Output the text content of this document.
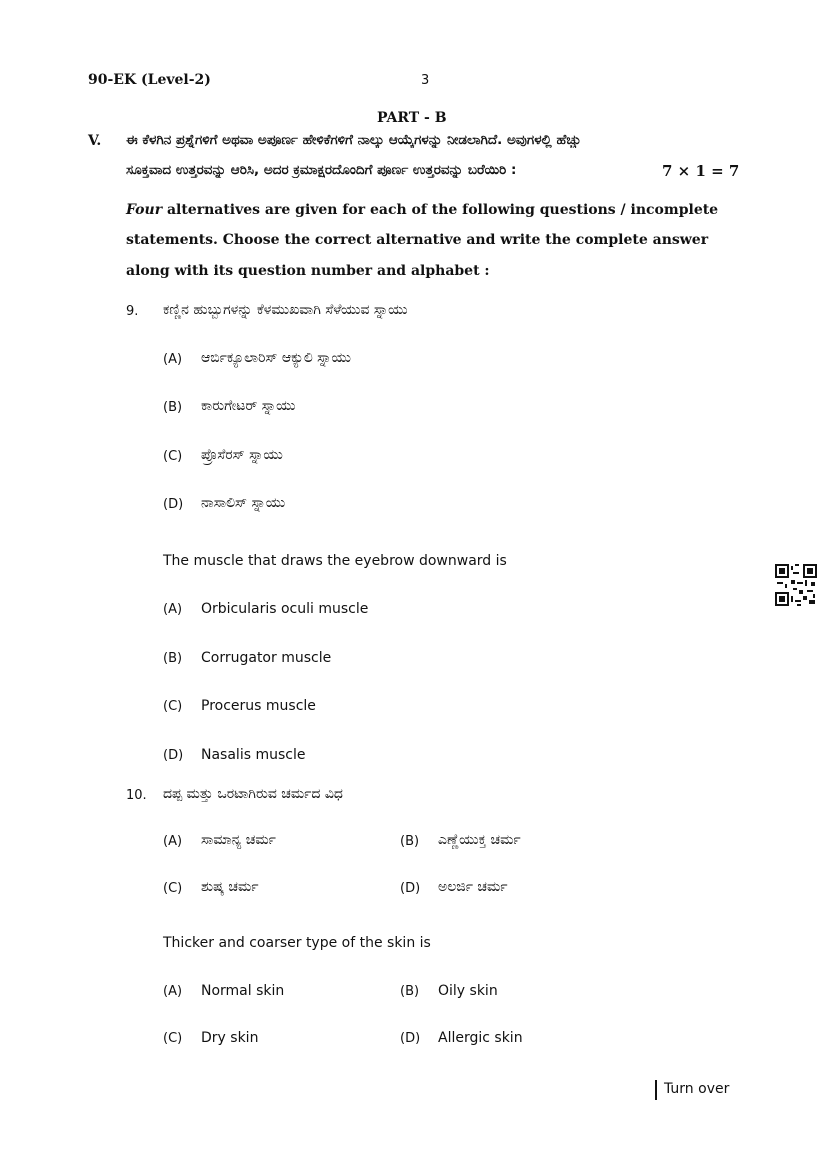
90-EK (Level-2)	3
PART - B
V. ಈ ಕೆಳಗಿನ ಪ್ರಶ್ನೆಗಳಿಗೆ ಅಥವಾ ಅಪೂರ್ಣ ಹೇಳಿಕೆಗಳಿಗೆ ನಾಲ್ಕು ಆಯ್ಕೆಗಳನ್ನು ನೀಡಲಾಗಿದೆ. ಅವುಗಳಲ್ಲಿ ಹೆಚ್ಚು
ಸೂಕ್ತವಾದ ಉತ್ತರವನ್ನು ಆರಿಸಿ, ಅದರ ಕ್ರಮಾಕ್ಷರದೊಂದಿಗೆ ಪೂರ್ಣ ಉತ್ತರವನ್ನು ಬರೆಯಿರಿ :	7 × 1 = 7
Four alternatives are given for each of the following questions / incomplete
statements. Choose the correct alternative and write the complete answer
along with its question number and alphabet :
9. ಕಣ್ಣಿನ ಹುಬ್ಬುಗಳನ್ನು ಕೆಳಮುಖವಾಗಿ ಸೆಳೆಯುವ ಸ್ನಾಯು
(A) ಆರ್ಬಿಕ್ಯೂಲಾರಿಸ್ ಆಕ್ಯುಲಿ ಸ್ನಾಯು
(B) ಕಾರುಗೇಟರ್ ಸ್ನಾಯು
(C) ಪ್ರೊಸೆರಸ್ ಸ್ನಾಯು
(D) ನಾಸಾಲಿಸ್ ಸ್ನಾಯು
The muscle that draws the eyebrow downward is
(A) Orbicularis oculi muscle
(B) Corrugator muscle
(C) Procerus muscle
(D) Nasalis muscle
10. ದಪ್ಪ ಮತ್ತು ಒರಟಾಗಿರುವ ಚರ್ಮದ ವಿಧ
(A) ಸಾಮಾನ್ಯ ಚರ್ಮ	(B) ಎಣ್ಣೆಯುಕ್ತ ಚರ್ಮ
(C) ಶುಷ್ಕ ಚರ್ಮ	(D) ಅಲರ್ಜಿ ಚರ್ಮ
Thicker and coarser type of the skin is
(A) Normal skin	(B) Oily skin
(C) Dry skin	(D) Allergic skin
Turn over
